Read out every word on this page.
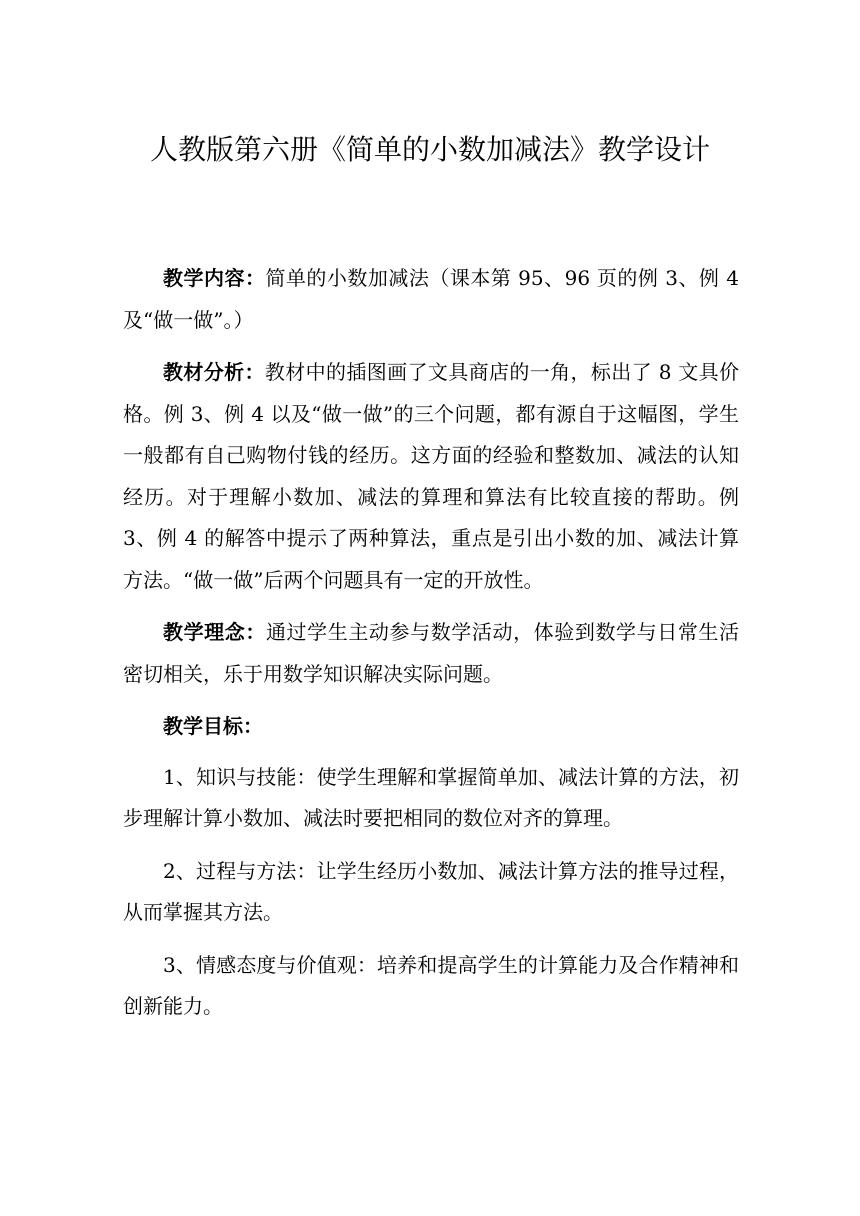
人教版第六册《简单的小数加减法》教学设计

教学内容：简单的小数加减法（课本第 95、96 页的例 3、例 4 及“做一做”。）

教材分析：教材中的插图画了文具商店的一角，标出了 8 文具价格。例 3、例 4 以及“做一做”的三个问题，都有源自于这幅图，学生一般都有自己购物付钱的经历。这方面的经验和整数加、减法的认知经历。对于理解小数加、减法的算理和算法有比较直接的帮助。例 3、例 4 的解答中提示了两种算法，重点是引出小数的加、减法计算方法。“做一做”后两个问题具有一定的开放性。

教学理念：通过学生主动参与数学活动，体验到数学与日常生活密切相关，乐于用数学知识解决实际问题。

教学目标：

1、知识与技能：使学生理解和掌握简单加、减法计算的方法，初步理解计算小数加、减法时要把相同的数位对齐的算理。

2、过程与方法：让学生经历小数加、减法计算方法的推导过程，从而掌握其方法。

3、情感态度与价值观：培养和提高学生的计算能力及合作精神和创新能力。
